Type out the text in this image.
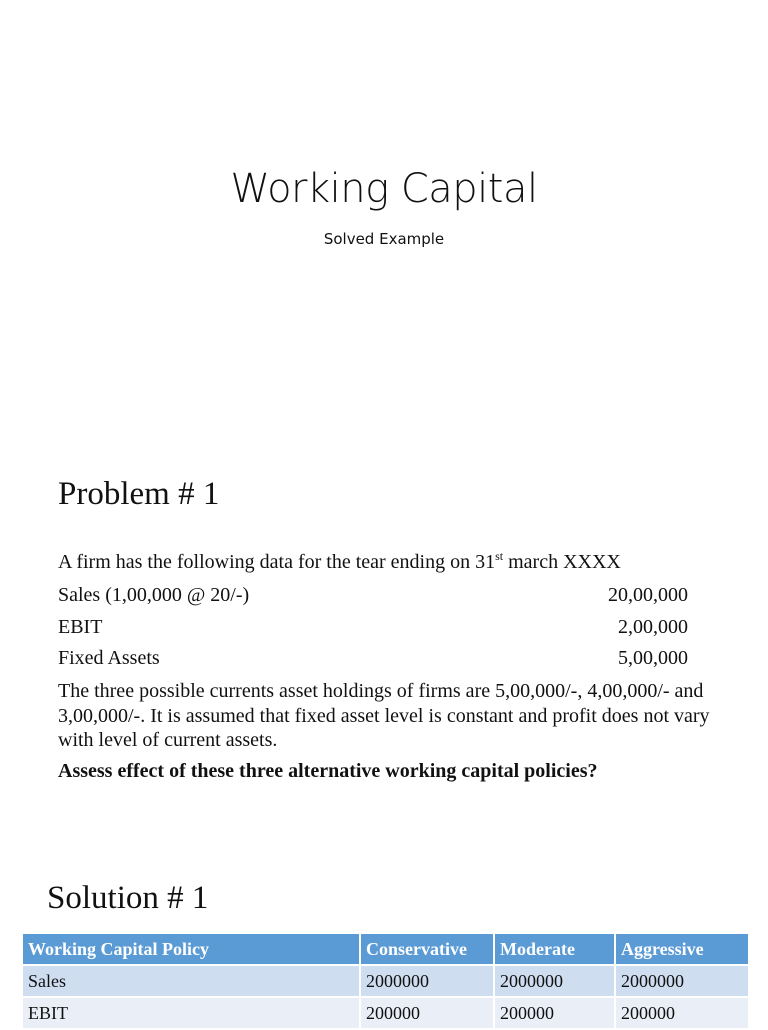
Working Capital
Solved Example
Problem # 1
A firm has the following data for the tear ending on 31st march XXXX
Sales (1,00,000 @ 20/-)	20,00,000
EBIT	2,00,000
Fixed Assets	5,00,000
The three possible currents asset holdings of firms are 5,00,000/-, 4,00,000/- and 3,00,000/-. It is assumed that fixed asset level is constant and profit does not vary with level of current assets.
Assess effect of these three alternative working capital policies?
Solution # 1
Working Capital Policy	Conservative	Moderate	Aggressive
Sales	2000000	2000000	2000000
EBIT	200000	200000	200000
